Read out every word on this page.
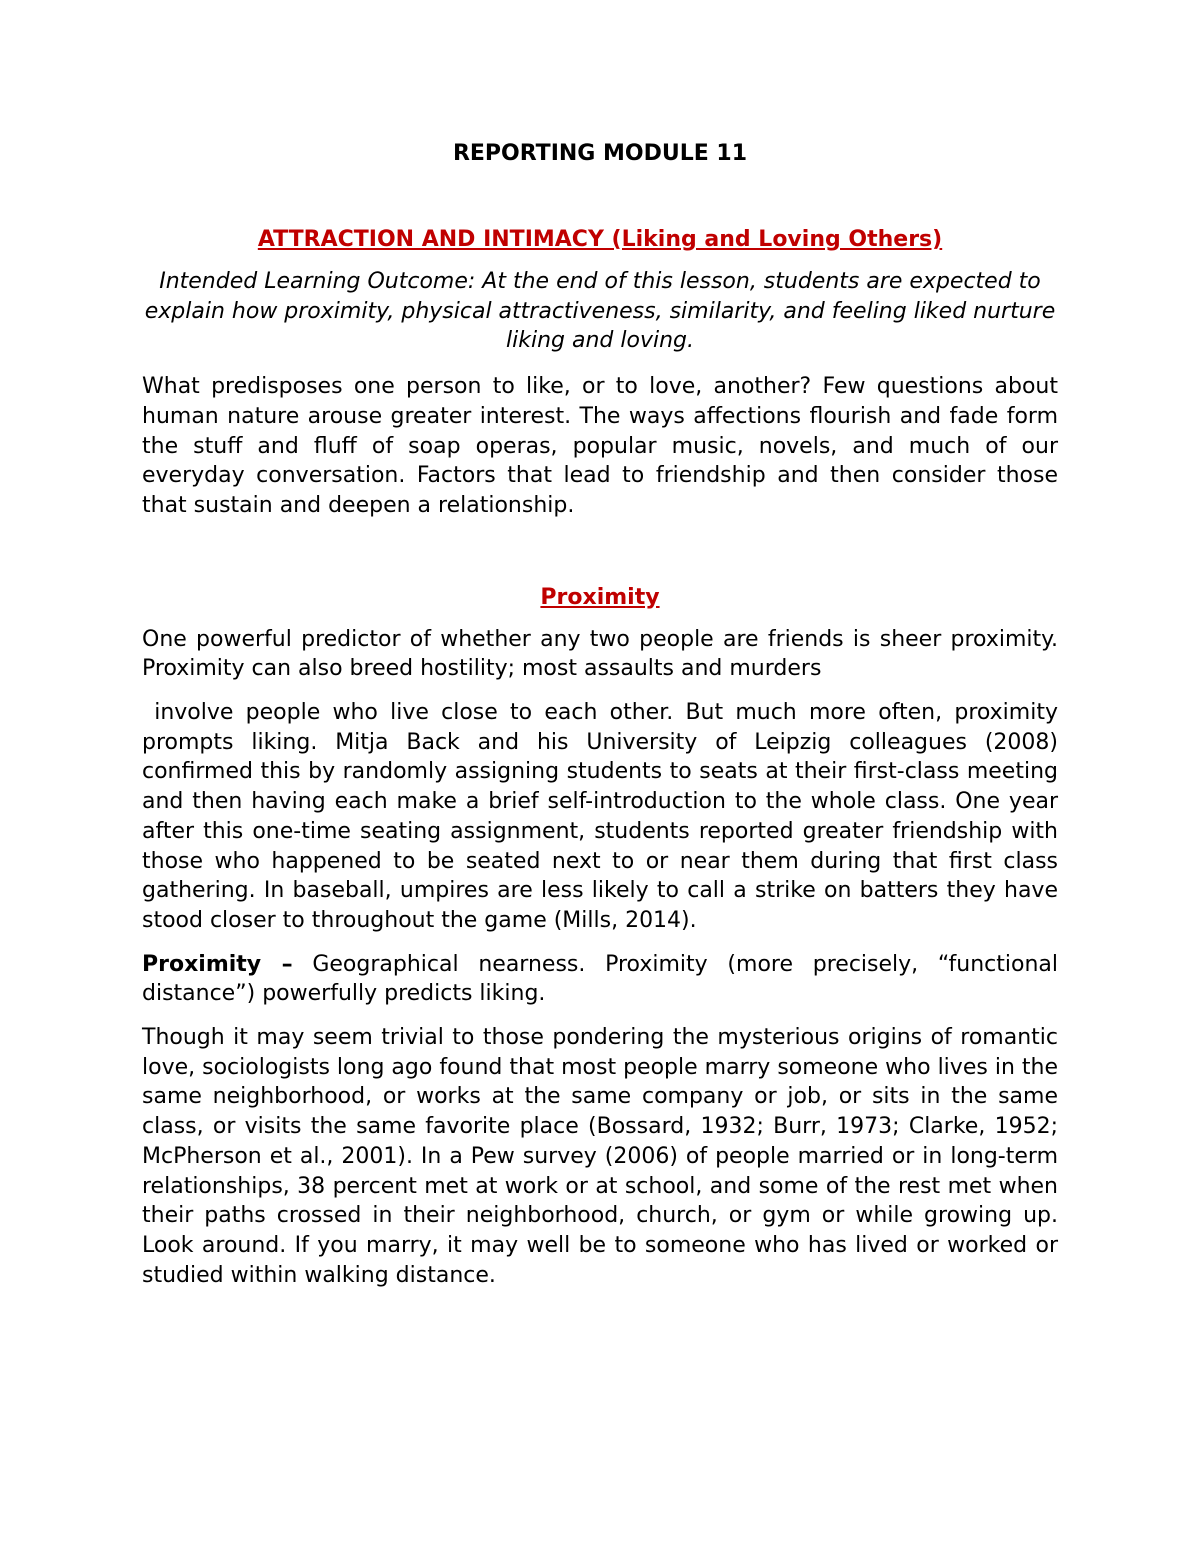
REPORTING MODULE 11
ATTRACTION AND INTIMACY (Liking and Loving Others)
Intended Learning Outcome: At the end of this lesson, students are expected to explain how proximity, physical attractiveness, similarity, and feeling liked nurture liking and loving.

What predisposes one person to like, or to love, another? Few questions about human nature arouse greater interest. The ways affections flourish and fade form the stuff and fluff of soap operas, popular music, novels, and much of our everyday conversation. Factors that lead to friendship and then consider those that sustain and deepen a relationship.

Proximity

One powerful predictor of whether any two people are friends is sheer proximity. Proximity can also breed hostility; most assaults and murders

involve people who live close to each other. But much more often, proximity prompts liking. Mitja Back and his University of Leipzig colleagues (2008) confirmed this by randomly assigning students to seats at their first-class meeting and then having each make a brief self-introduction to the whole class. One year after this one-time seating assignment, students reported greater friendship with those who happened to be seated next to or near them during that first class gathering. In baseball, umpires are less likely to call a strike on batters they have stood closer to throughout the game (Mills, 2014).

Proximity – Geographical nearness. Proximity (more precisely, “functional distance”) powerfully predicts liking.

Though it may seem trivial to those pondering the mysterious origins of romantic love, sociologists long ago found that most people marry someone who lives in the same neighborhood, or works at the same company or job, or sits in the same class, or visits the same favorite place (Bossard, 1932; Burr, 1973; Clarke, 1952; McPherson et al., 2001). In a Pew survey (2006) of people married or in long-term relationships, 38 percent met at work or at school, and some of the rest met when their paths crossed in their neighborhood, church, or gym or while growing up. Look around. If you marry, it may well be to someone who has lived or worked or studied within walking distance.
